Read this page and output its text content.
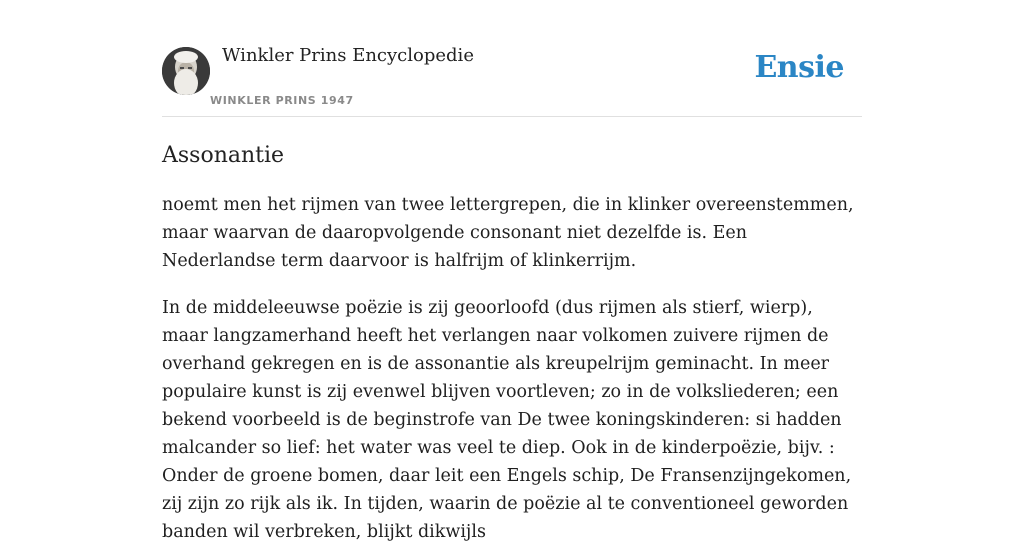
Winkler Prins Encyclopedie
WINKLER PRINS 1947
Ensie
Assonantie

noemt men het rijmen van twee lettergrepen, die in klinker overeenstemmen, maar waarvan de daaropvolgende consonant niet dezelfde is. Een Nederlandse term daarvoor is halfrijm of klinkerrijm.

In de middeleeuwse poëzie is zij geoorloofd (dus rijmen als stierf, wierp), maar langzamerhand heeft het verlangen naar volkomen zuivere rijmen de overhand gekregen en is de assonantie als kreupelrijm geminacht. In meer populaire kunst is zij evenwel blijven voortleven; zo in de volksliederen; een bekend voorbeeld is de beginstrofe van De twee koningskinderen: si hadden malcander so lief: het water was veel te diep. Ook in de kinderpoëzie, bijv. : Onder de groene bomen, daar leit een Engels schip, De Fransenzijngekomen, zij zijn zo rijk als ik. In tijden, waarin de poëzie al te conventioneel geworden banden wil verbreken, blijkt dikwijls
